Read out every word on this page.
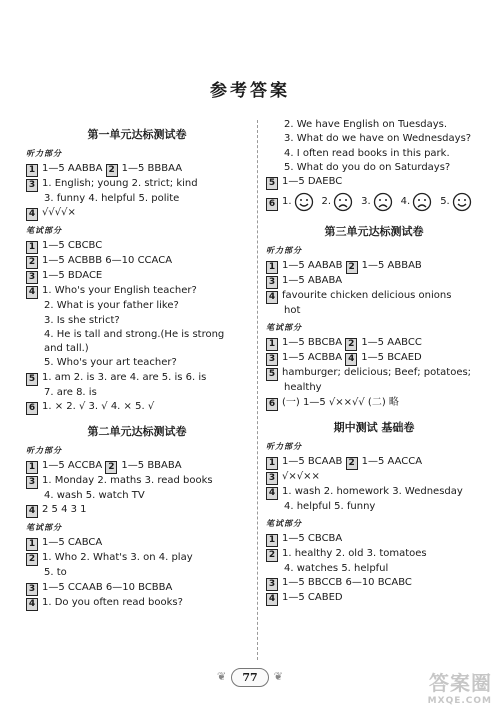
参考答案
第一单元达标测试卷
听力部分
1 1—5 AABBA 2 1—5 BBBAA
3 1. English; young 2. strict; kind
3. funny 4. helpful 5. polite
4 √√√√×
笔试部分
1 1—5 CBCBC
2 1—5 ACBBB 6—10 CCACA
3 1—5 BDACE
4 1. Who's your English teacher?
2. What is your father like?
3. Is she strict?
4. He is tall and strong.(He is strong
and tall.)
5. Who's your art teacher?
5 1. am 2. is 3. are 4. are 5. is 6. is
7. are 8. is
6 1. × 2. √ 3. √ 4. × 5. √
第二单元达标测试卷
听力部分
1 1—5 ACCBA 2 1—5 BBABA
3 1. Monday 2. maths 3. read books
4. wash 5. watch TV
4 2 5 4 3 1
笔试部分
1 1—5 CABCA
2 1. Who 2. What's 3. on 4. play
5. to
3 1—5 CCAAB 6—10 BCBBA
4 1. Do you often read books?
2. We have English on Tuesdays.
3. What do we have on Wednesdays?
4. I often read books in this park.
5. What do you do on Saturdays?
5 1—5 DAEBC
6 1.	2.	3.	4.	5.
第三单元达标测试卷
听力部分
1 1—5 AABAB 2 1—5 ABBAB
3 1—5 ABABA
4 favourite chicken delicious onions
hot
笔试部分
1 1—5 BBCBA 2 1—5 AABCC
3 1—5 ACBBA 4 1—5 BCAED
5 hamburger; delicious; Beef; potatoes;
healthy
6 (一) 1—5 √××√√ (二) 略
期中测试 基础卷
听力部分
1 1—5 BCAAB 2 1—5 AACCA
3 √×√××
4 1. wash 2. homework 3. Wednesday
4. helpful 5. funny
笔试部分
1 1—5 CBCBA
2 1. healthy 2. old 3. tomatoes
4. watches 5. helpful
3 1—5 BBCCB 6—10 BCABC
4 1—5 CABED
❦ 77 ❦	答案圈
MXQE.COM
